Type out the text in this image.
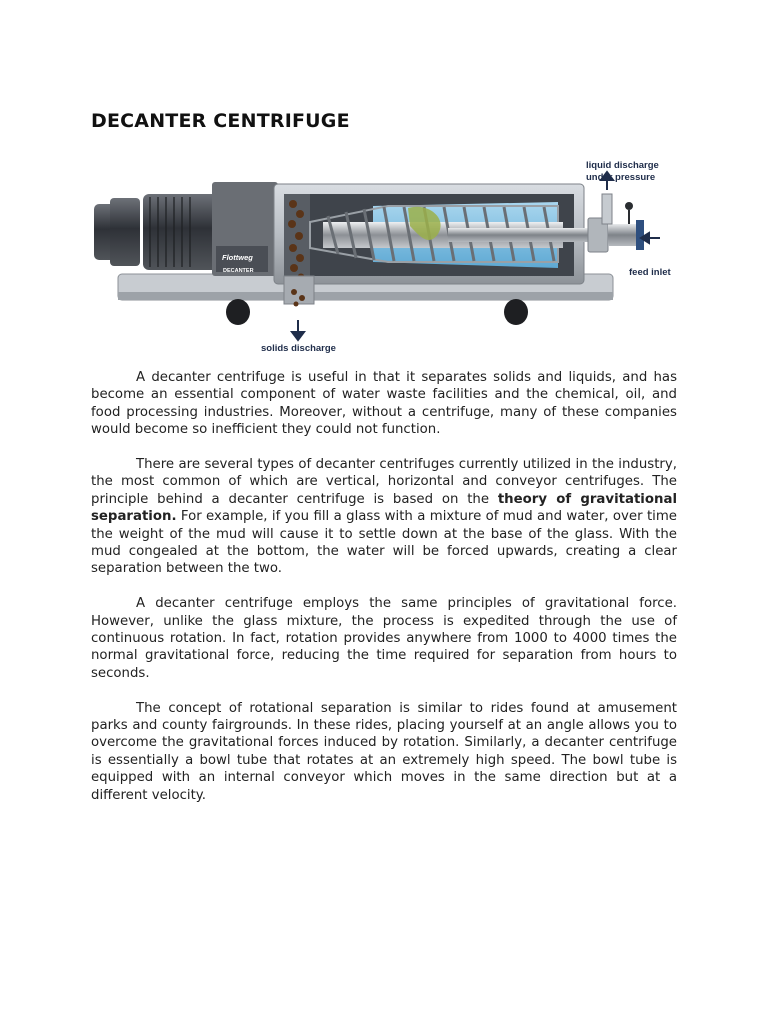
DECANTER CENTRIFUGE
Flottweg
DECANTER
liquid discharge
under pressure
feed inlet
solids discharge

A decanter centrifuge is useful in that it separates solids and liquids, and has become an essential component of water waste facilities and the chemical, oil, and food processing industries. Moreover, without a centrifuge, many of these companies would become so inefficient they could not function.

There are several types of decanter centrifuges currently utilized in the industry, the most common of which are vertical, horizontal and conveyor centrifuges. The principle behind a decanter centrifuge is based on the theory of gravitational separation. For example, if you fill a glass with a mixture of mud and water, over time the weight of the mud will cause it to settle down at the base of the glass. With the mud congealed at the bottom, the water will be forced upwards, creating a clear separation between the two.

A decanter centrifuge employs the same principles of gravitational force. However, unlike the glass mixture, the process is expedited through the use of continuous rotation. In fact, rotation provides anywhere from 1000 to 4000 times the normal gravitational force, reducing the time required for separation from hours to seconds.

The concept of rotational separation is similar to rides found at amusement parks and county fairgrounds. In these rides, placing yourself at an angle allows you to overcome the gravitational forces induced by rotation. Similarly, a decanter centrifuge is essentially a bowl tube that rotates at an extremely high speed. The bowl tube is equipped with an internal conveyor which moves in the same direction but at a different velocity.
